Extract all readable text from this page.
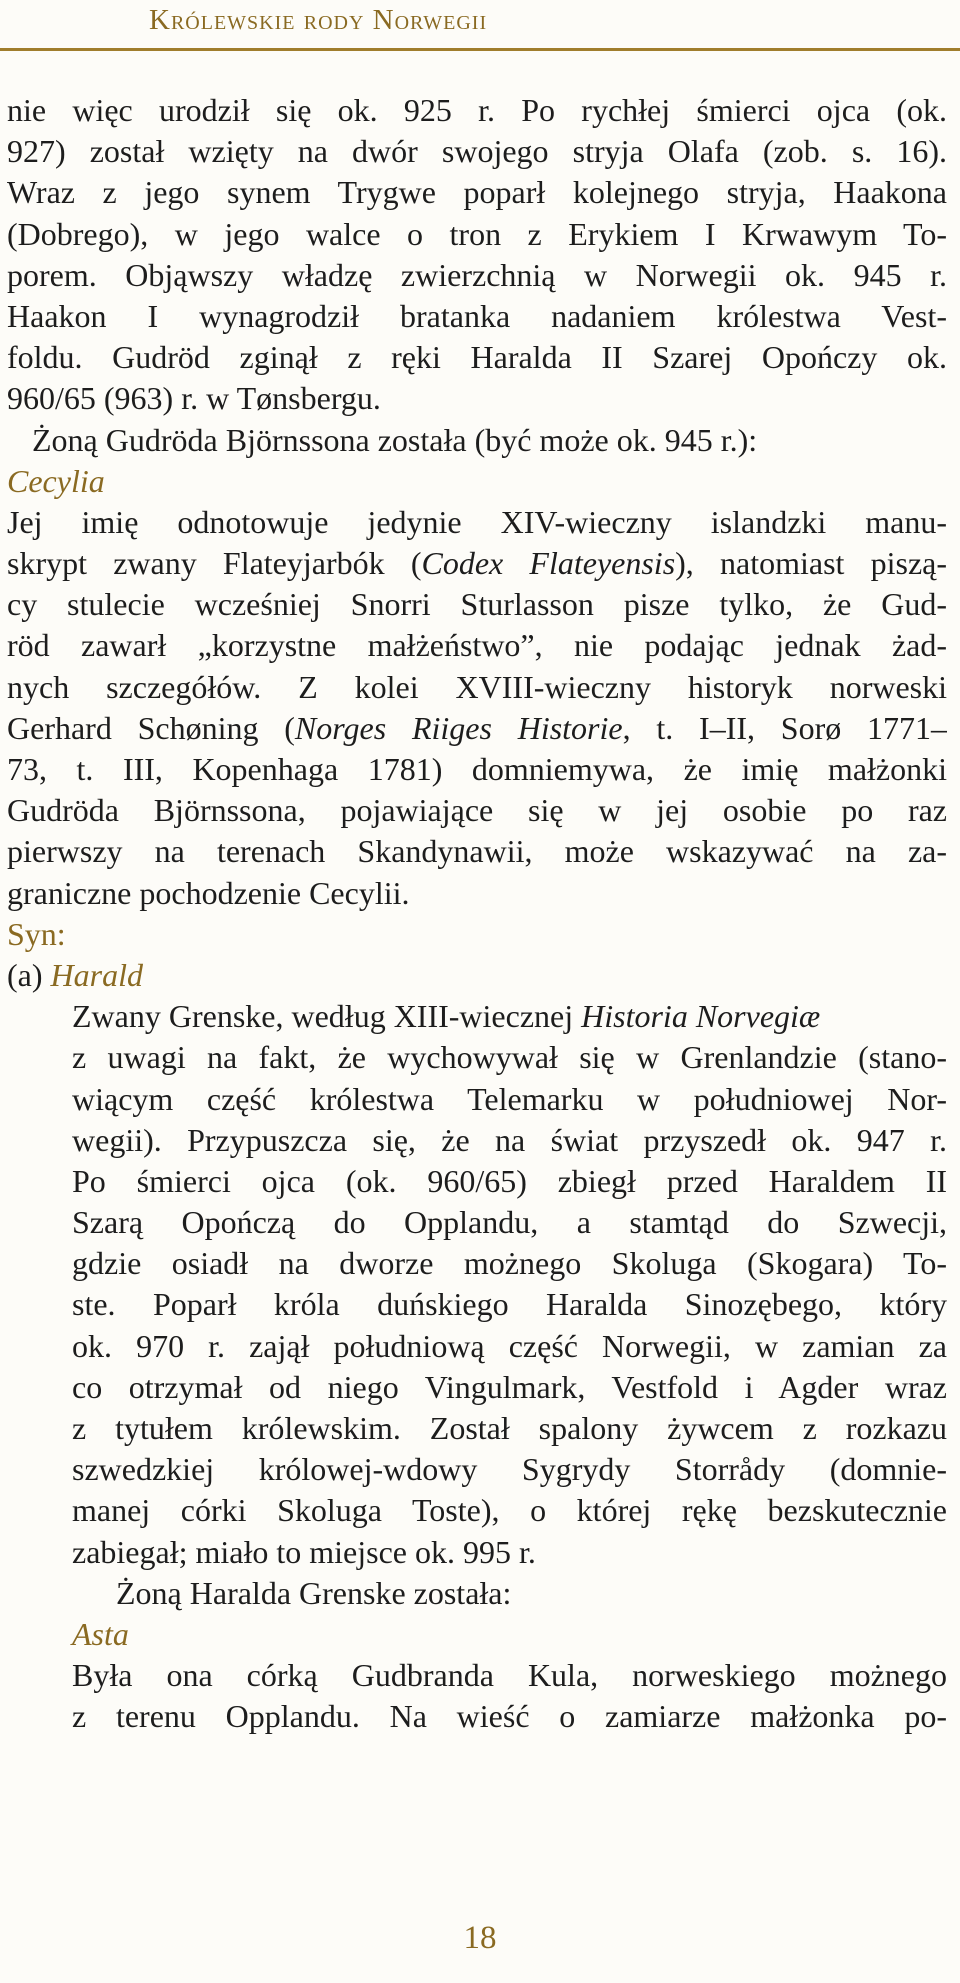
Królewskie rody Norwegii
nie więc urodził się ok. 925 r. Po rychłej śmierci ojca (ok.
927) został wzięty na dwór swojego stryja Olafa (zob. s. 16).
Wraz z jego synem Trygwe poparł kolejnego stryja, Haakona
(Dobrego), w jego walce o tron z Erykiem I Krwawym To-
porem. Objąwszy władzę zwierzchnią w Norwegii ok. 945 r.
Haakon I wynagrodził bratanka nadaniem królestwa Vest-
foldu. Gudröd zginął z ręki Haralda II Szarej Opończy ok.
960/65 (963) r. w Tønsbergu.
Żoną Gudröda Björnssona została (być może ok. 945 r.):
Cecylia
Jej imię odnotowuje jedynie XIV-wieczny islandzki manu-
skrypt zwany Flateyjarbók (Codex Flateyensis), natomiast piszą-
cy stulecie wcześniej Snorri Sturlasson pisze tylko, że Gud-
röd zawarł „korzystne małżeństwo”, nie podając jednak żad-
nych szczegółów. Z kolei XVIII-wieczny historyk norweski
Gerhard Schøning (Norges Riiges Historie, t. I–II, Sorø 1771–
73, t. III, Kopenhaga 1781) domniemywa, że imię małżonki
Gudröda Björnssona, pojawiające się w jej osobie po raz
pierwszy na terenach Skandynawii, może wskazywać na za-
graniczne pochodzenie Cecylii.
Syn:
(a) Harald
Zwany Grenske, według XIII-wiecznej Historia Norvegiæ
z uwagi na fakt, że wychowywał się w Grenlandzie (stano-
wiącym część królestwa Telemarku w południowej Nor-
wegii). Przypuszcza się, że na świat przyszedł ok. 947 r.
Po śmierci ojca (ok. 960/65) zbiegł przed Haraldem II
Szarą Opończą do Opplandu, a stamtąd do Szwecji,
gdzie osiadł na dworze możnego Skoluga (Skogara) To-
ste. Poparł króla duńskiego Haralda Sinozębego, który
ok. 970 r. zajął południową część Norwegii, w zamian za
co otrzymał od niego Vingulmark, Vestfold i Agder wraz
z tytułem królewskim. Został spalony żywcem z rozkazu
szwedzkiej królowej-wdowy Sygrydy Storrådy (domnie-
manej córki Skoluga Toste), o której rękę bezskutecznie
zabiegał; miało to miejsce ok. 995 r.
Żoną Haralda Grenske została:
Asta
Była ona córką Gudbranda Kula, norweskiego możnego
z terenu Opplandu. Na wieść o zamiarze małżonka po-
18
